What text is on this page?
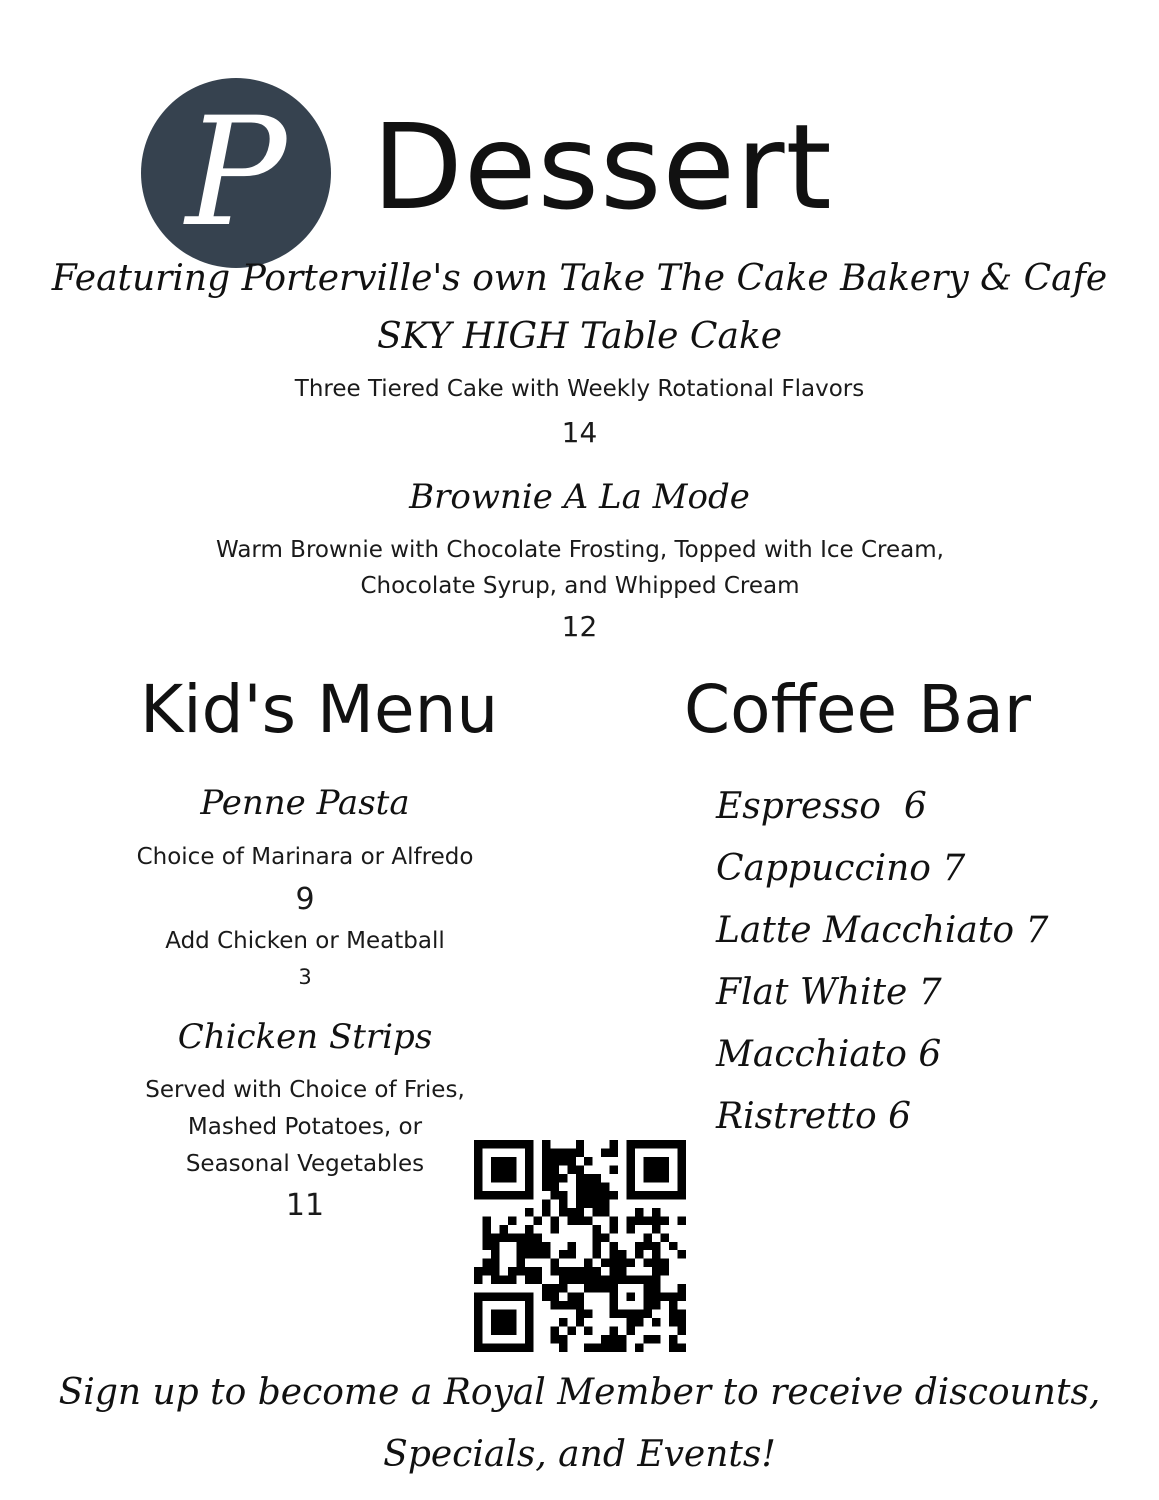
P Dessert
Featuring Porterville's own Take The Cake Bakery & Cafe
SKY HIGH Table Cake
Three Tiered Cake with Weekly Rotational Flavors
14
Brownie A La Mode
Warm Brownie with Chocolate Frosting, Topped with Ice Cream,
Chocolate Syrup, and Whipped Cream
12
Kid's Menu	Coffee Bar
Penne Pasta
Choice of Marinara or Alfredo
9
Add Chicken or Meatball
3
Chicken Strips
Served with Choice of Fries,
Mashed Potatoes, or
Seasonal Vegetables
11
Espresso  6
Cappuccino 7
Latte Macchiato 7
Flat White 7
Macchiato 6
Ristretto 6
Sign up to become a Royal Member to receive discounts,
Specials, and Events!
